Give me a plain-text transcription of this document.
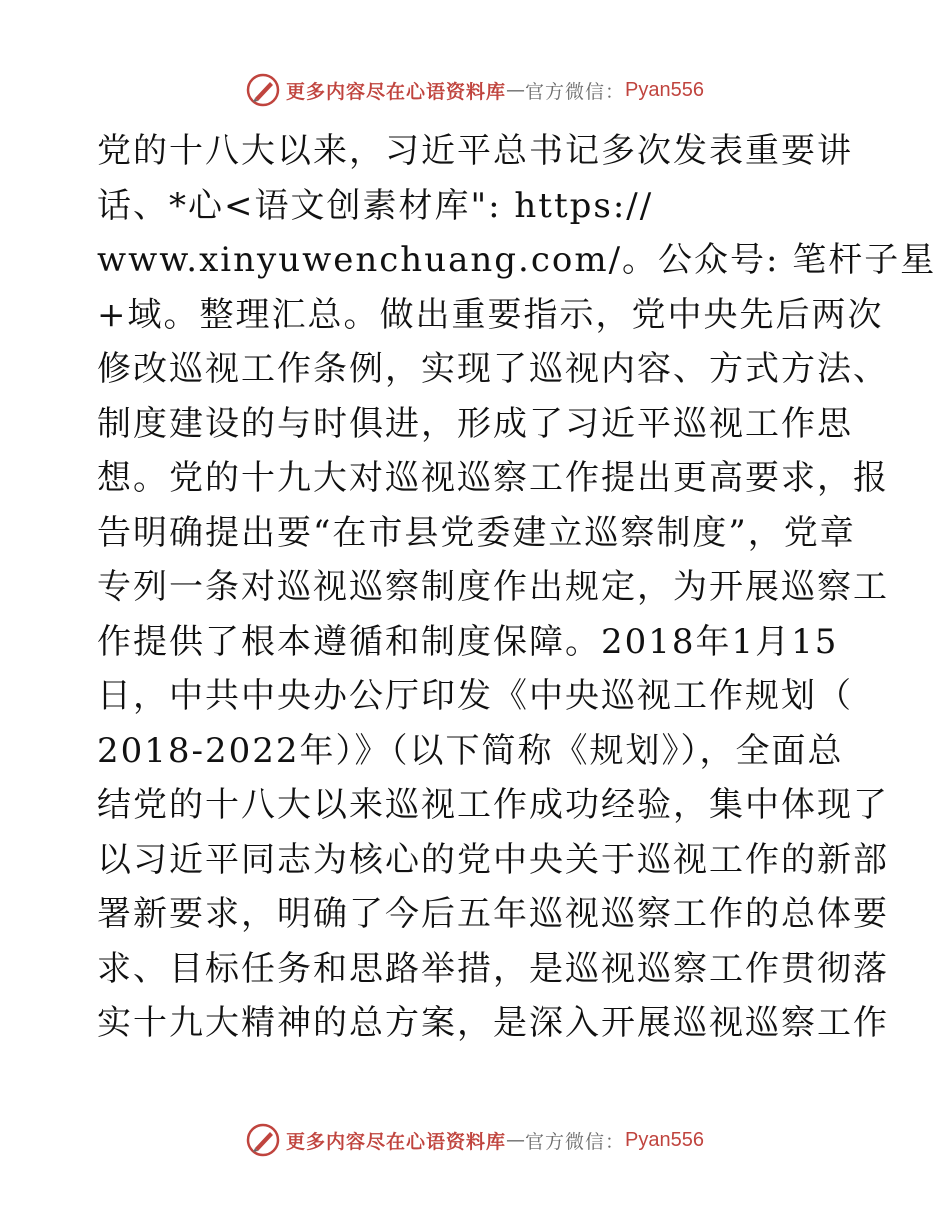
更多内容尽在心语资料库 — 官方微信： Pyan556
党的十八大以来，习近平总书记多次发表重要讲
话、*心<语文创素材库": https://
www.xinyuwenchuang.com/。公众号: 笔杆子星
+域。整理汇总。做出重要指示，党中央先后两次
修改巡视工作条例，实现了巡视内容、方式方法、
制度建设的与时俱进，形成了习近平巡视工作思
想。党的十九大对巡视巡察工作提出更高要求，报
告明确提出要“在市县党委建立巡察制度”，党章
专列一条对巡视巡察制度作出规定，为开展巡察工
作提供了根本遵循和制度保障。2018年1月15
日，中共中央办公厅印发《中央巡视工作规划（
2018-2022年）》（以下简称《规划》），全面总
结党的十八大以来巡视工作成功经验，集中体现了
以习近平同志为核心的党中央关于巡视工作的新部
署新要求，明确了今后五年巡视巡察工作的总体要
求、目标任务和思路举措，是巡视巡察工作贯彻落
实十九大精神的总方案，是深入开展巡视巡察工作
更多内容尽在心语资料库 — 官方微信： Pyan556
